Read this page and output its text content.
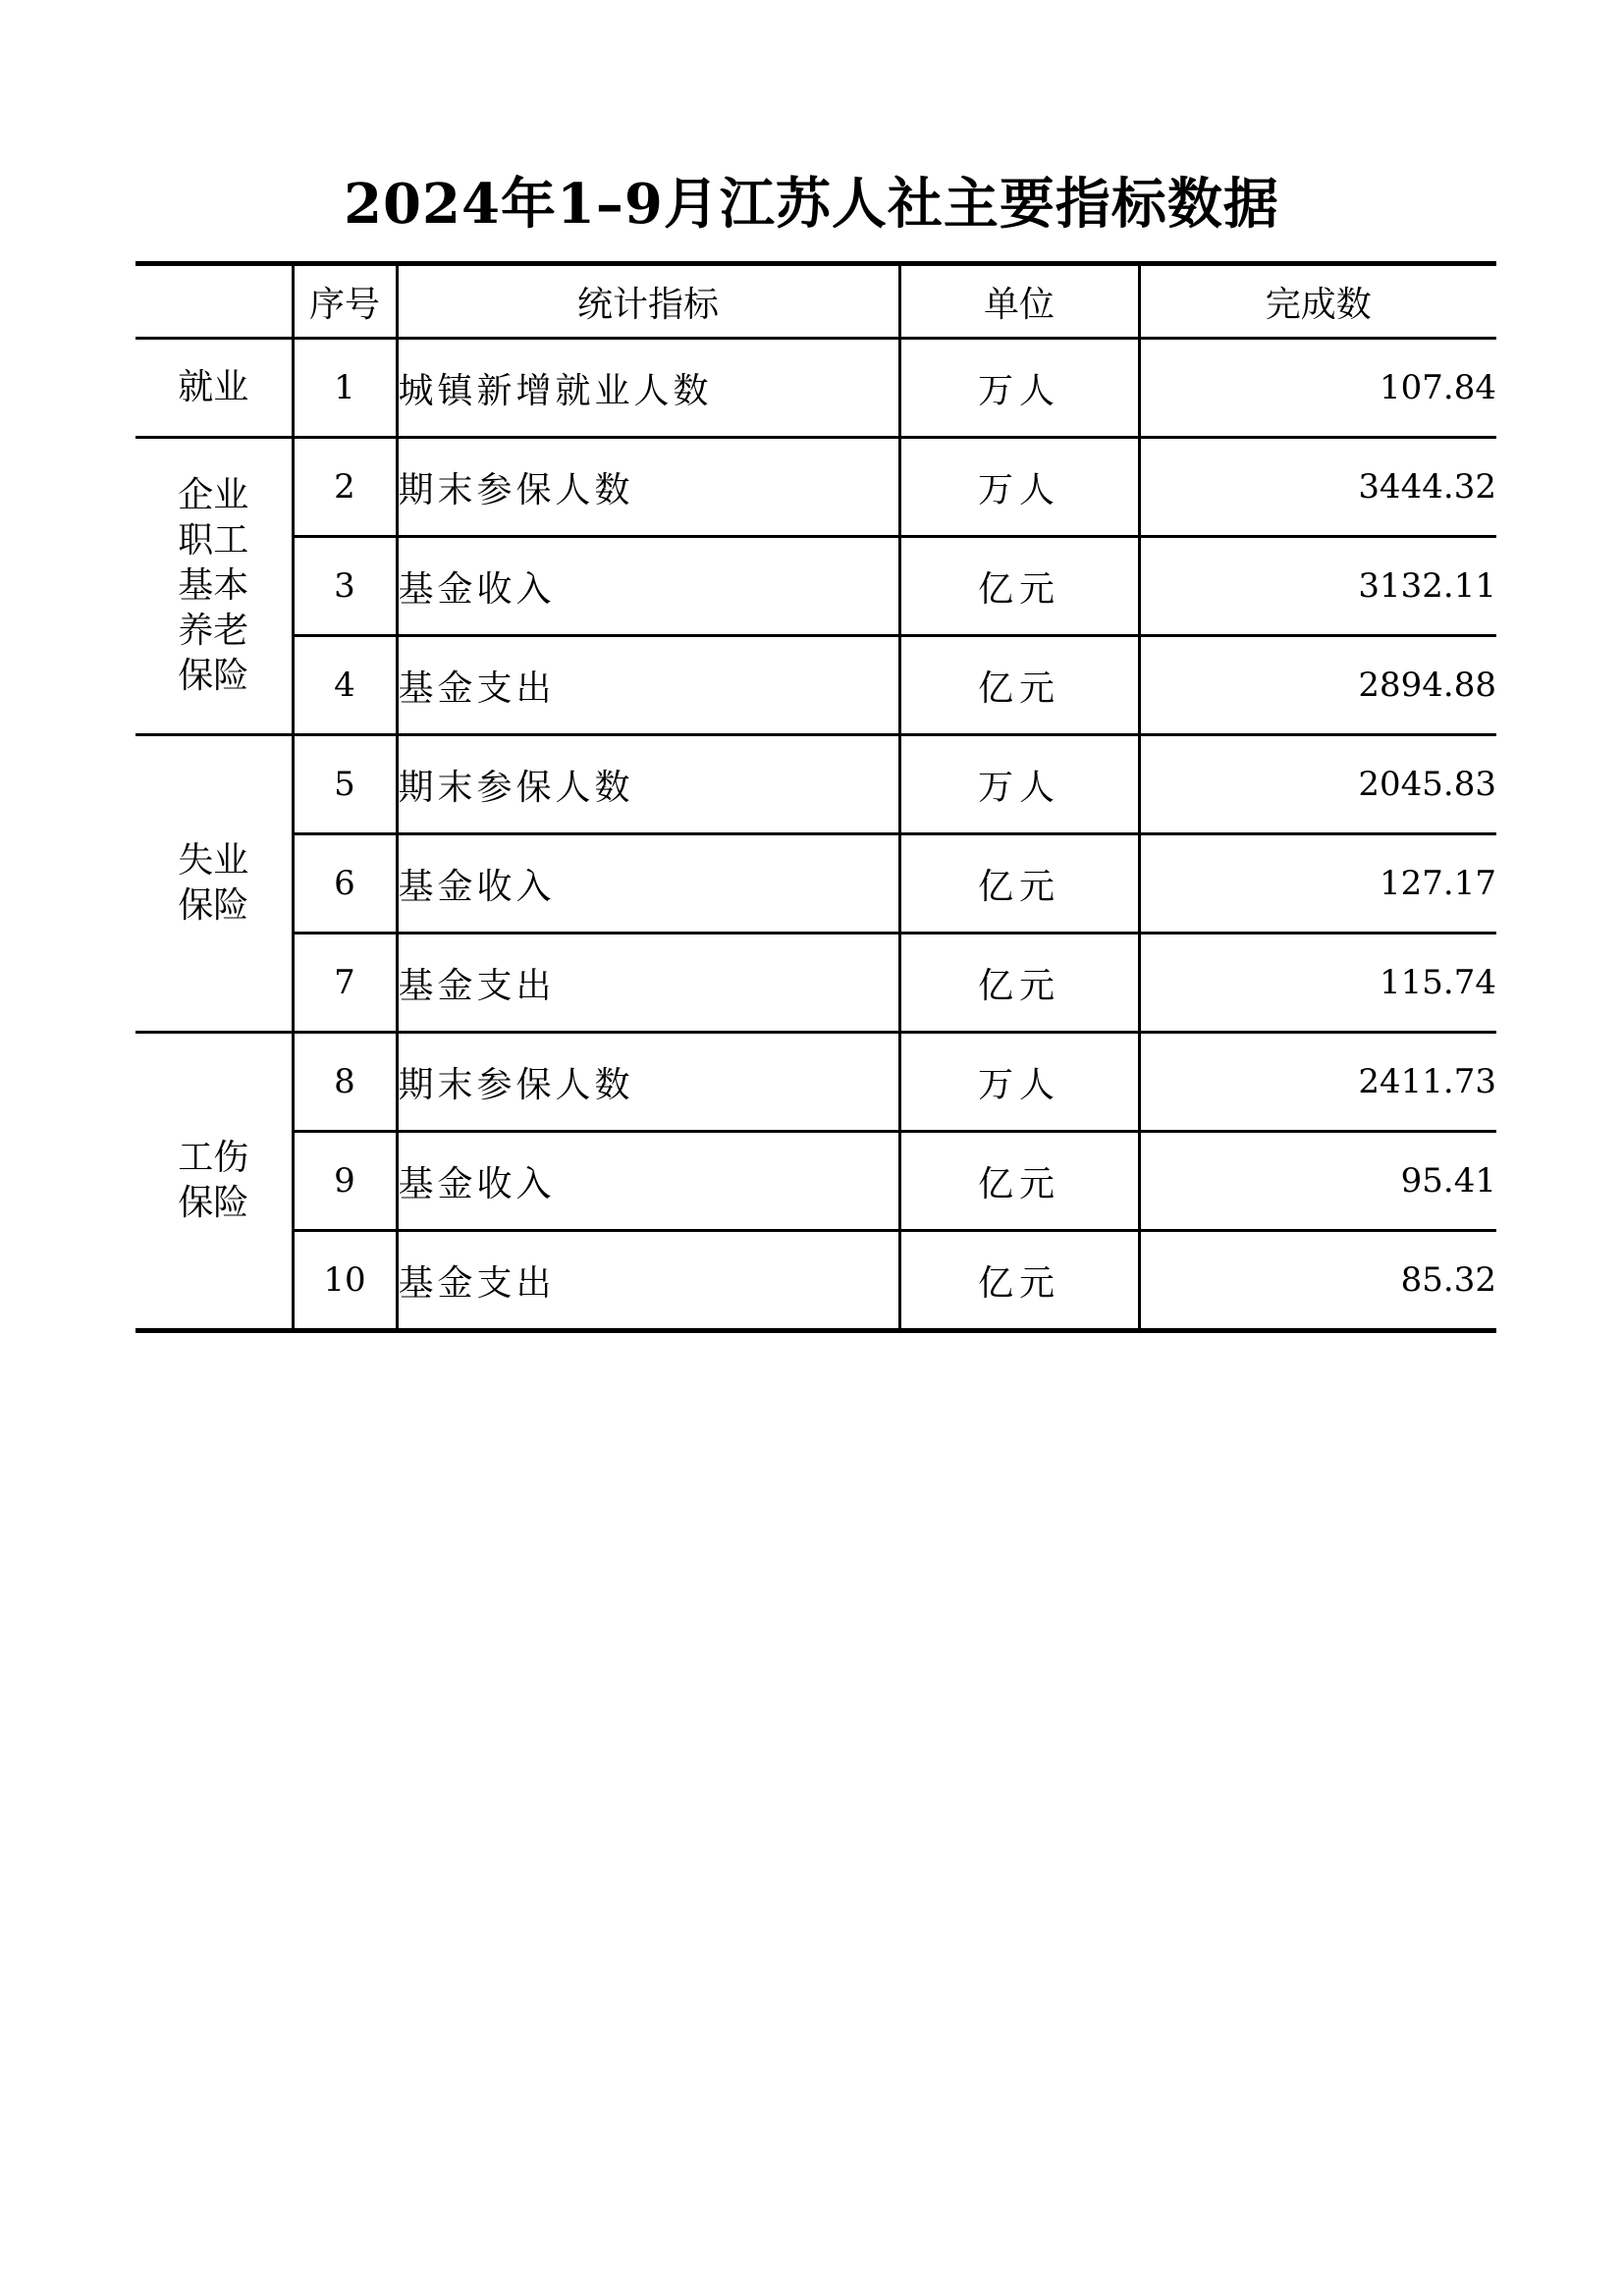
2024年1–9月江苏人社主要指标数据
	序号	统计指标	单位	完成数

就业	1	城镇新增就业人数	万人	107.84

企业
职工
基本
养老
保险	2	期末参保人数	万人	3444.32
	3	基金收入	亿元	3132.11
	4	基金支出	亿元	2894.88

失业
保险	5	期末参保人数	万人	2045.83
	6	基金收入	亿元	127.17
	7	基金支出	亿元	115.74

工伤
保险	8	期末参保人数	万人	2411.73
	9	基金收入	亿元	95.41
	10	基金支出	亿元	85.32
